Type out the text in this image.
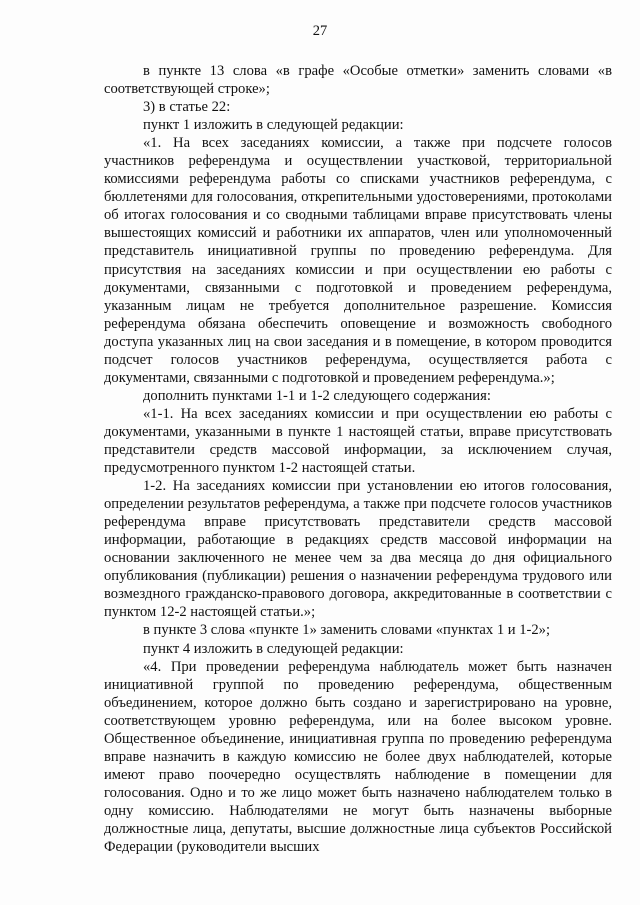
27

в пункте 13 слова «в графе «Особые отметки» заменить словами «в соответствующей строке»;

3) в статье 22:

пункт 1 изложить в следующей редакции:

«1. На всех заседаниях комиссии, а также при подсчете голосов участников референдума и осуществлении участковой, территориальной комиссиями референдума работы со списками участников референдума, с бюллетенями для голосования, открепительными удостоверениями, протоколами об итогах голосования и со сводными таблицами вправе присутствовать члены вышестоящих комиссий и работники их аппаратов, член или уполномоченный представитель инициативной группы по проведению референдума. Для присутствия на заседаниях комиссии и при осуществлении ею работы с документами, связанными с подготовкой и проведением референдума, указанным лицам не требуется дополнительное разрешение. Комиссия референдума обязана обеспечить оповещение и возможность свободного доступа указанных лиц на свои заседания и в помещение, в котором проводится подсчет голосов участников референдума, осуществляется работа с документами, связанными с подготовкой и проведением референдума.»;

дополнить пунктами 1-1 и 1-2 следующего содержания:

«1-1. На всех заседаниях комиссии и при осуществлении ею работы с документами, указанными в пункте 1 настоящей статьи, вправе присутствовать представители средств массовой информации, за исключением случая, предусмотренного пунктом 1-2 настоящей статьи.

1-2. На заседаниях комиссии при установлении ею итогов голосования, определении результатов референдума, а также при подсчете голосов участников референдума вправе присутствовать представители средств массовой информации, работающие в редакциях средств массовой информации на основании заключенного не менее чем за два месяца до дня официального опубликования (публикации) решения о назначении референдума трудового или возмездного гражданско-правового договора, аккредитованные в соответствии с пунктом 12-2 настоящей статьи.»;

в пункте 3 слова «пункте 1» заменить словами «пунктах 1 и 1-2»;

пункт 4 изложить в следующей редакции:

«4. При проведении референдума наблюдатель может быть назначен инициативной группой по проведению референдума, общественным объединением, которое должно быть создано и зарегистрировано на уровне, соответствующем уровню референдума, или на более высоком уровне. Общественное объединение, инициативная группа по проведению референдума вправе назначить в каждую комиссию не более двух наблюдателей, которые имеют право поочередно осуществлять наблюдение в помещении для голосования. Одно и то же лицо может быть назначено наблюдателем только в одну комиссию. Наблюдателями не могут быть назначены выборные должностные лица, депутаты, высшие должностные лица субъектов Российской Федерации (руководители высших
